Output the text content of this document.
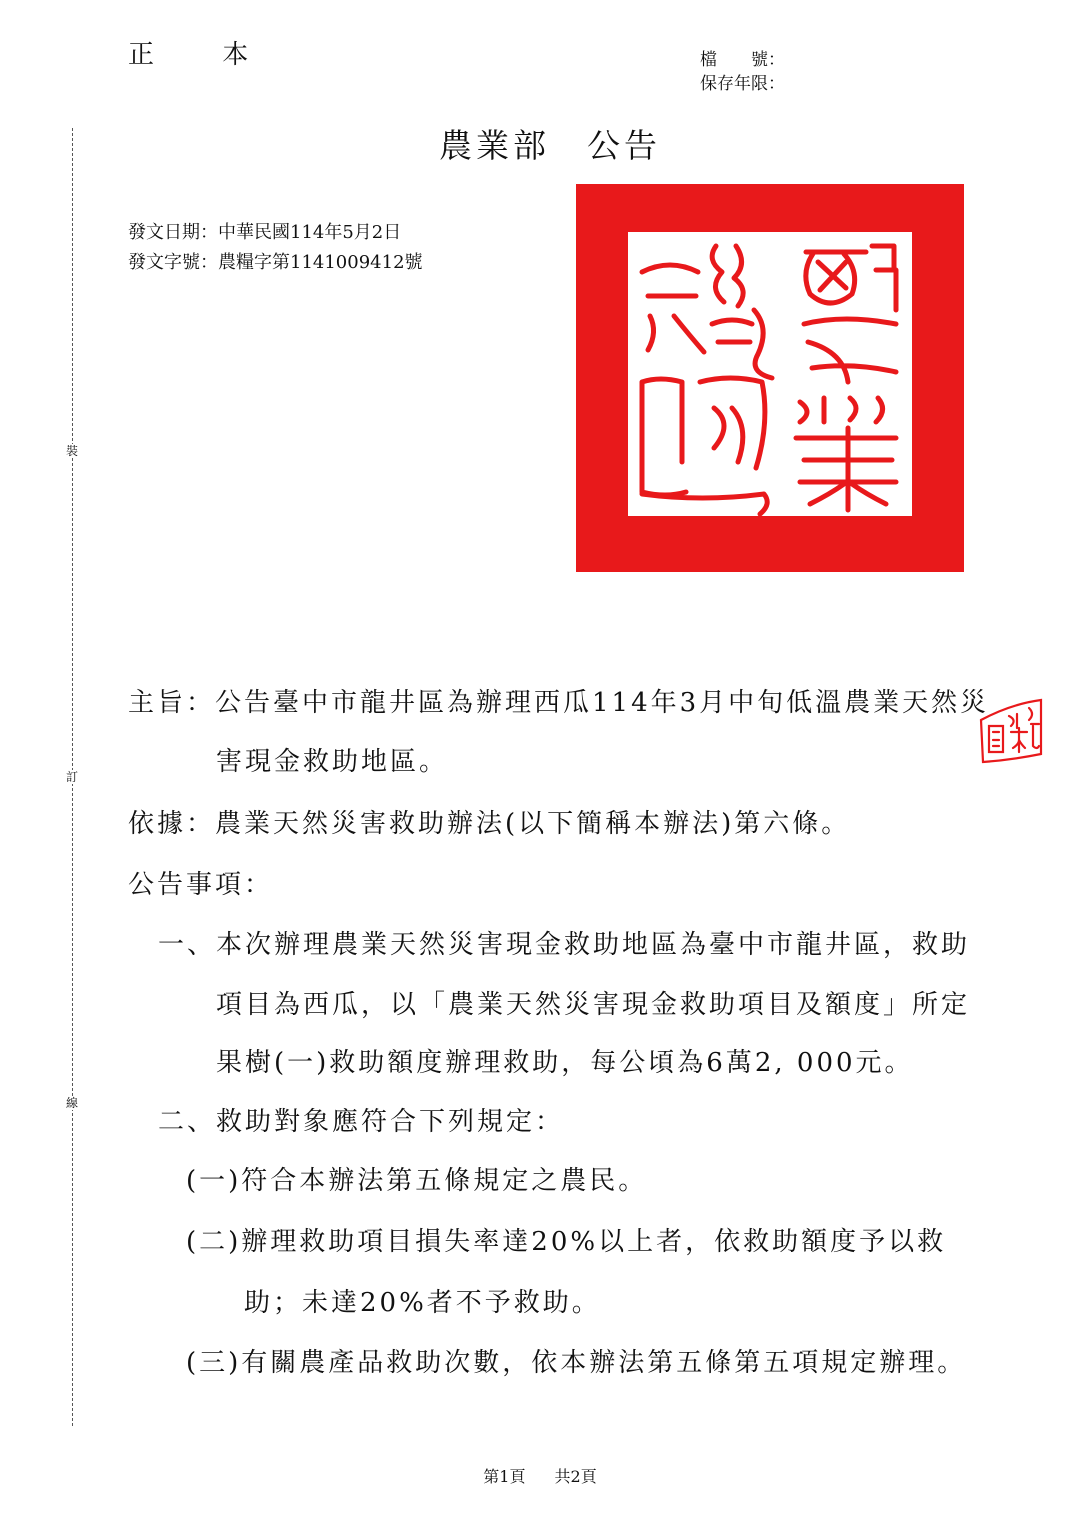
正 本	檔　　號：
保存年限：
農業部　公告
發文日期：中華民國114年5月2日
發文字號：農糧字第1141009412號
裝
訂
線
主旨：公告臺中市龍井區為辦理西瓜114年3月中旬低溫農業天然災
害現金救助地區。
依據：農業天然災害救助辦法(以下簡稱本辦法)第六條。
公告事項：
一、本次辦理農業天然災害現金救助地區為臺中市龍井區，救助
項目為西瓜，以「農業天然災害現金救助項目及額度」所定
果樹(一)救助額度辦理救助，每公頃為6萬2, 000元。
二、救助對象應符合下列規定：
(一)符合本辦法第五條規定之農民。
(二)辦理救助項目損失率達20%以上者，依救助額度予以救
助；未達20%者不予救助。
(三)有關農產品救助次數，依本辦法第五條第五項規定辦理。
第1頁 共2頁
